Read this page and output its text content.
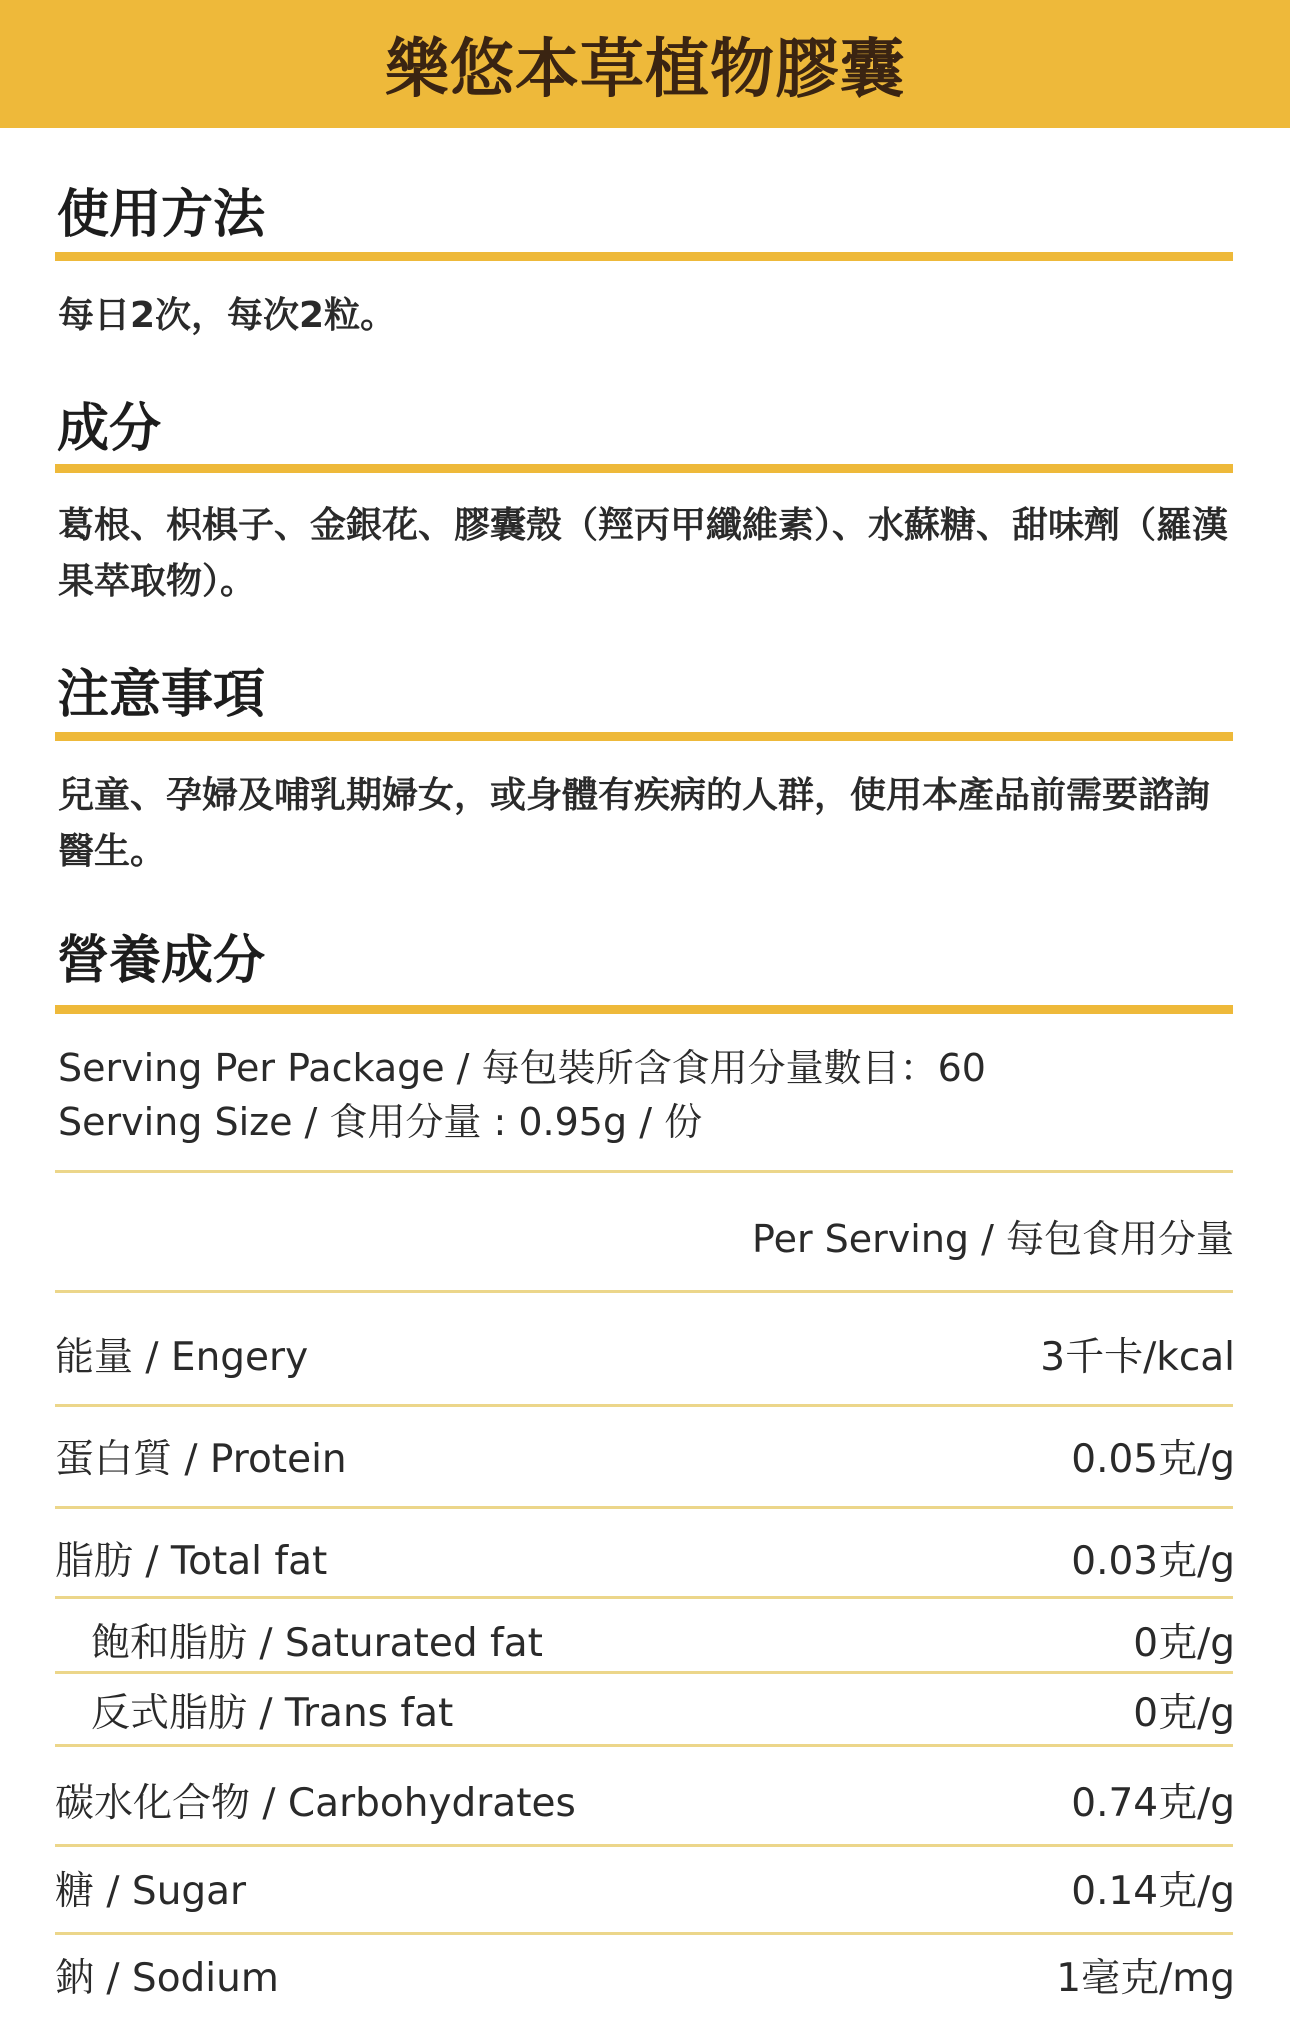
樂悠本草植物膠囊
使用方法
每日2次，每次2粒。
成分
葛根、枳椇子、金銀花、膠囊殼（羥丙甲纖維素）、水蘇糖、甜味劑（羅漢果萃取物）。
注意事項
兒童、孕婦及哺乳期婦女，或身體有疾病的人群，使用本產品前需要諮詢醫生。
營養成分
Serving Per Package / 每包裝所含食用分量數目：60
Serving Size / 食用分量 : 0.95g / 份
Per Serving / 每包食用分量
能量 / Engery	3千卡/kcal
蛋白質 / Protein	0.05克/g
脂肪 / Total fat	0.03克/g
飽和脂肪 / Saturated fat	0克/g
反式脂肪 / Trans fat	0克/g
碳水化合物 / Carbohydrates	0.74克/g
糖 / Sugar	0.14克/g
鈉 / Sodium	1毫克/mg
